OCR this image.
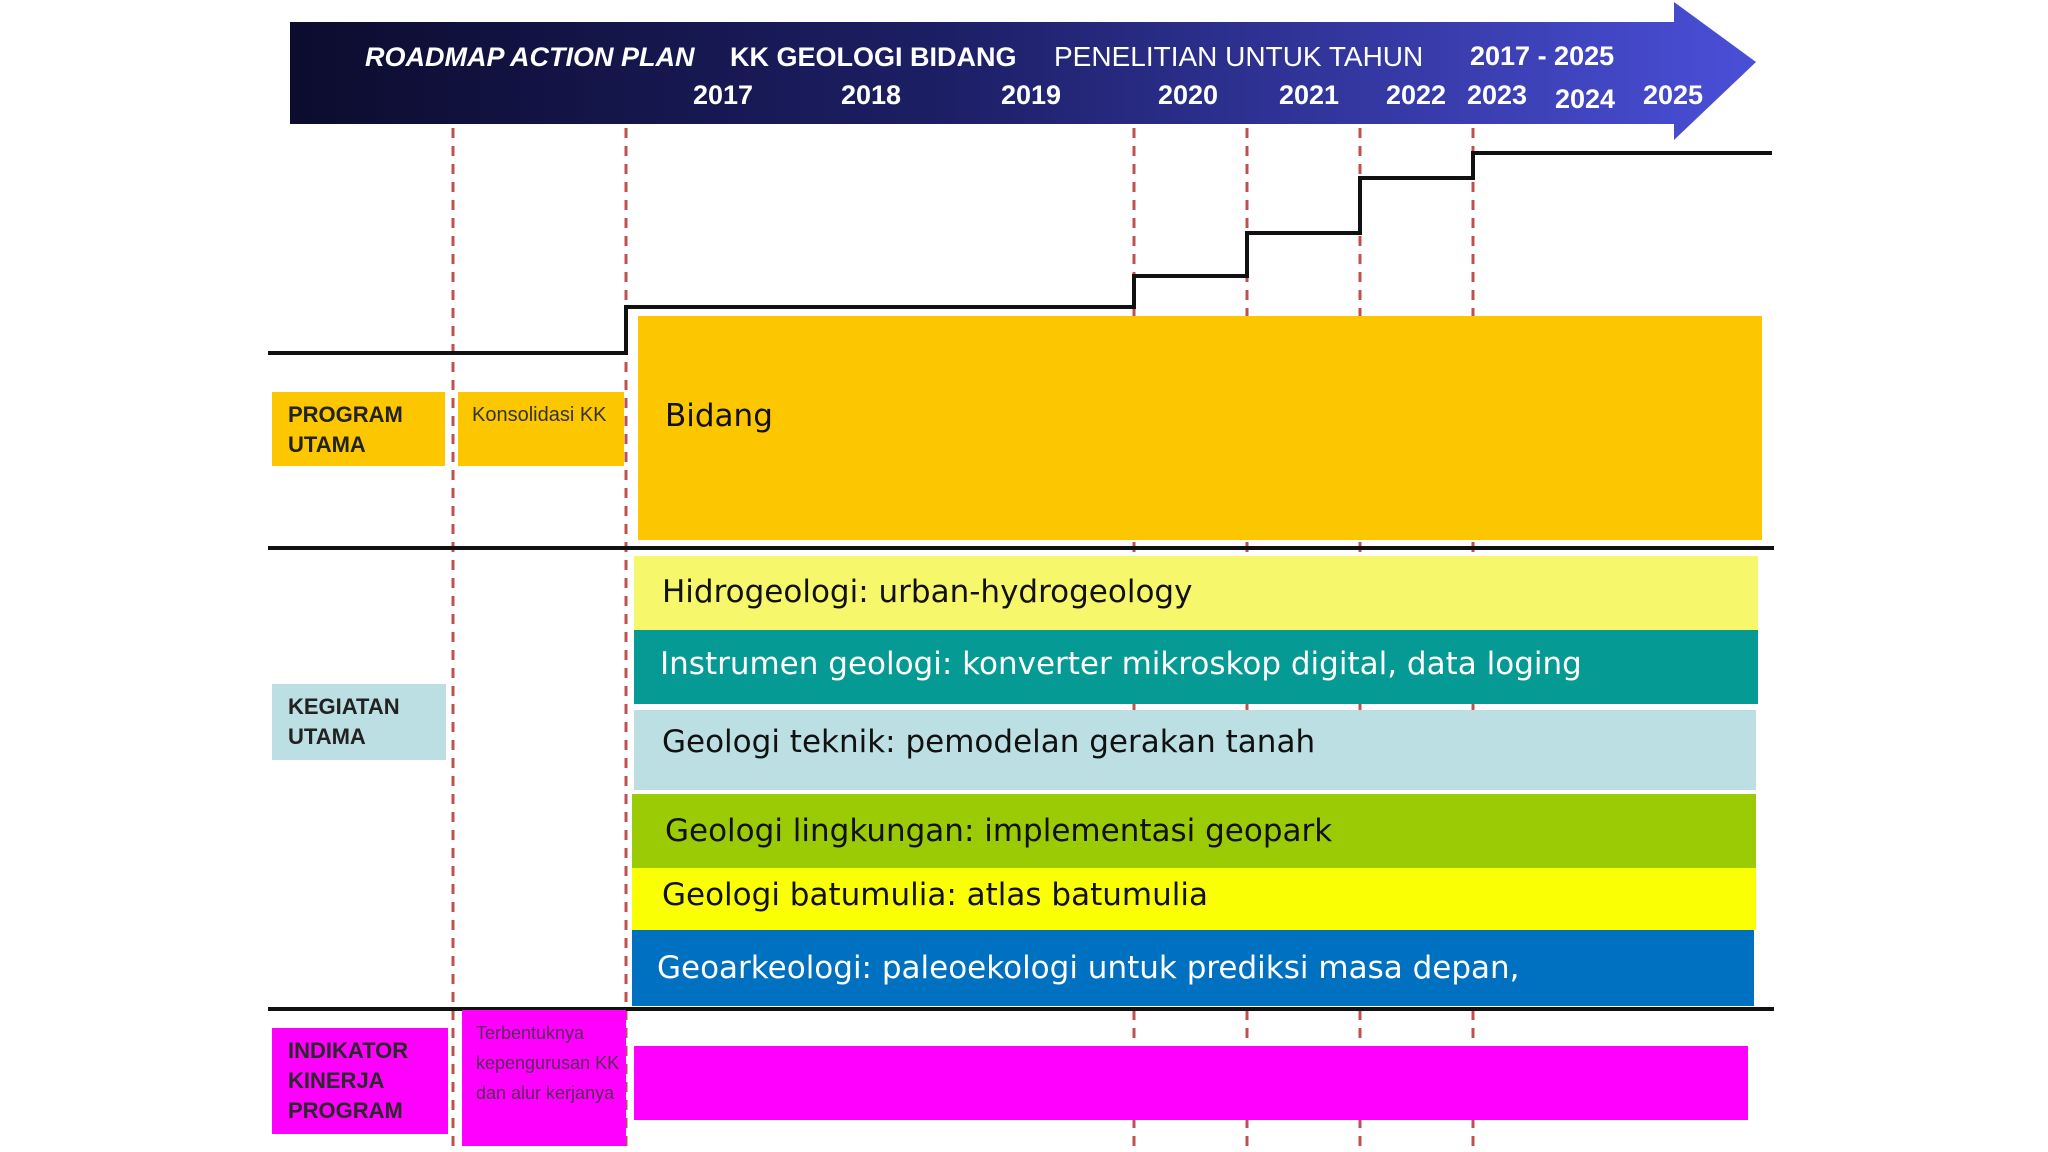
ROADMAP ACTION PLAN KK GEOLOGI BIDANG PENELITIAN UNTUK TAHUN 2017 - 2025
2017	2018	2019	2020 2021 2022 2023 2024 2025
PROGRAM UTAMA
Konsolidasi KK	Bidang
KEGIATAN UTAMA
Hidrogeologi: urban-hydrogeology
Instrumen geologi: konverter mikroskop digital, data loging
Geologi teknik: pemodelan gerakan tanah
Geologi lingkungan: implementasi geopark
Geologi batumulia: atlas batumulia
Geoarkeologi: paleoekologi untuk prediksi masa depan,
INDIKATOR KINERJA PROGRAM
Terbentuknya kepengurusan KK dan alur kerjanya
